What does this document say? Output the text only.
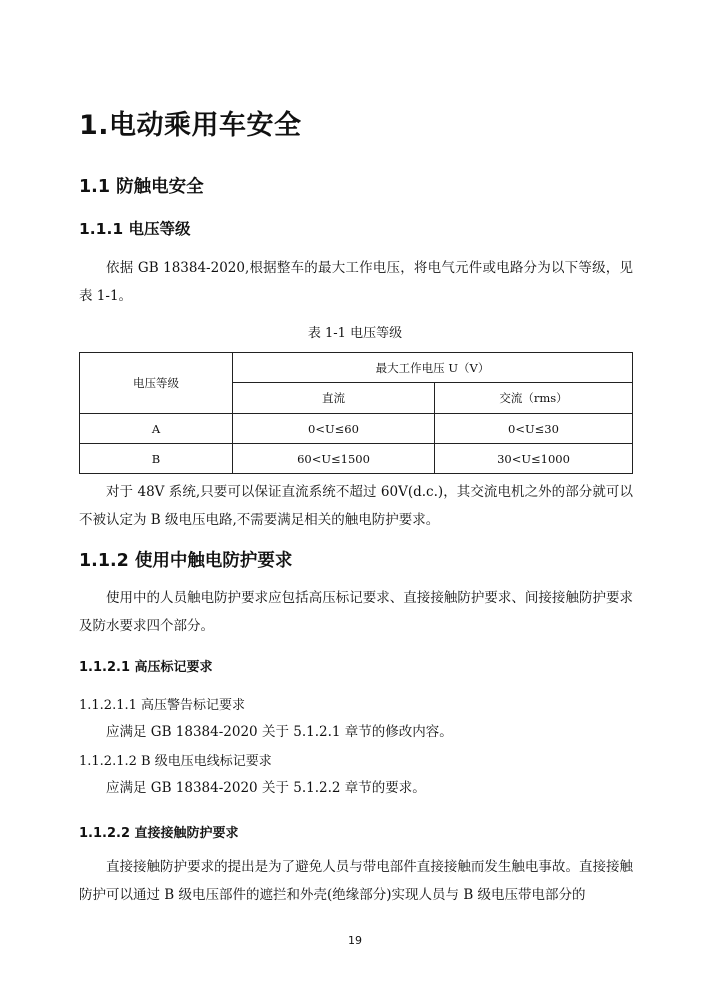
1.电动乘用车安全
1.1 防触电安全
1.1.1 电压等级
依据 GB 18384-2020,根据整车的最大工作电压，将电气元件或电路分为以下等级，见表 1-1。
表 1-1 电压等级
电压等级	最大工作电压 U（V）	
	直流	交流（rms）
A	0<U≤60	0<U≤30
B	60<U≤1500	30<U≤1000
对于 48V 系统,只要可以保证直流系统不超过 60V(d.c.)，其交流电机之外的部分就可以不被认定为 B 级电压电路,不需要满足相关的触电防护要求。
1.1.2 使用中触电防护要求
使用中的人员触电防护要求应包括高压标记要求、直接接触防护要求、间接接触防护要求及防水要求四个部分。
1.1.2.1 高压标记要求
1.1.2.1.1 高压警告标记要求
应满足 GB 18384-2020 关于 5.1.2.1 章节的修改内容。
1.1.2.1.2 B 级电压电线标记要求
应满足 GB 18384-2020 关于 5.1.2.2 章节的要求。
1.1.2.2 直接接触防护要求
直接接触防护要求的提出是为了避免人员与带电部件直接接触而发生触电事故。直接接触防护可以通过 B 级电压部件的遮拦和外壳(绝缘部分)实现人员与 B 级电压带电部分的
19
